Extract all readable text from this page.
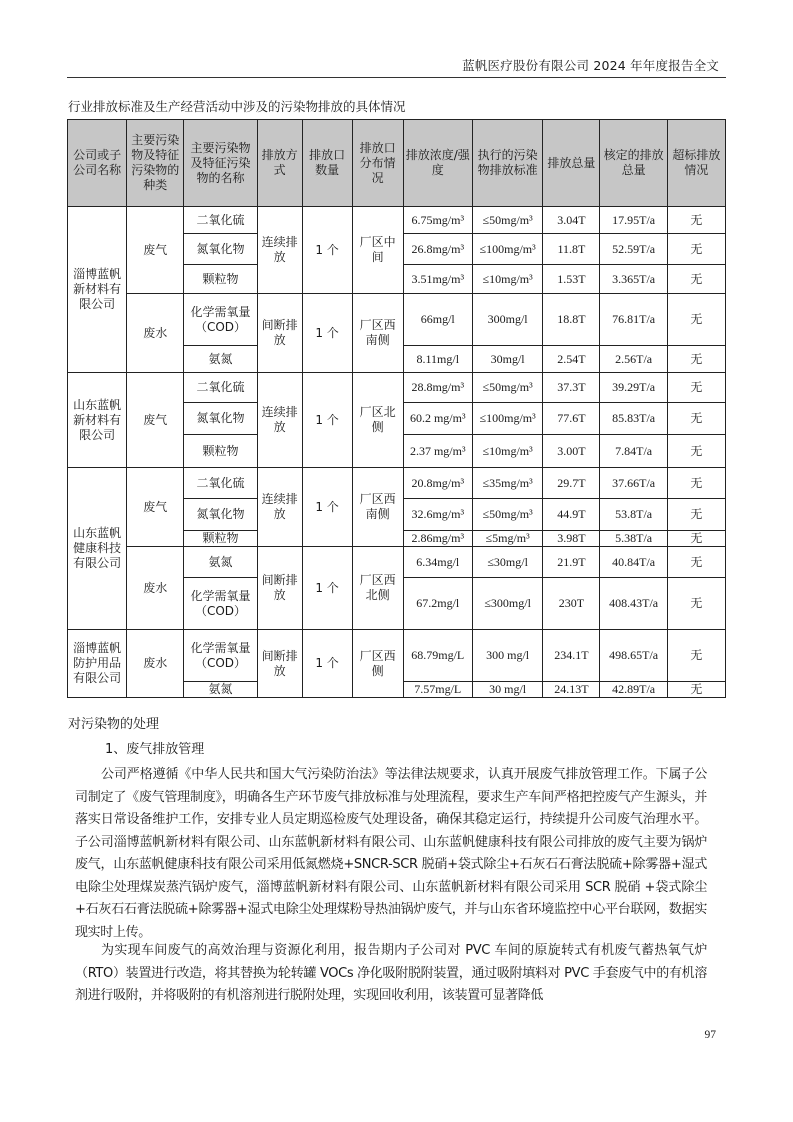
蓝帆医疗股份有限公司 2024 年年度报告全文
行业排放标准及生产经营活动中涉及的污染物排放的具体情况
公司或子公司名称	主要污染物及特征污染物的种类	主要污染物及特征污染物的名称	排放方式	排放口数量	排放口分布情况	排放浓度/强度	执行的污染物排放标准	排放总量	核定的排放总量	超标排放情况
淄博蓝帆新材料有限公司	废气	二氧化硫	连续排放	1 个	厂区中间	6.75mg/m³	≤50mg/m³	3.04T	17.95T/a	无
		氮氧化物				26.8mg/m³	≤100mg/m³	11.8T	52.59T/a	无
		颗粒物				3.51mg/m³	≤10mg/m³	1.53T	3.365T/a	无
	废水	化学需氧量（COD）	间断排放	1 个	厂区西南侧	66mg/l	300mg/l	18.8T	76.81T/a	无
		氨氮				8.11mg/l	30mg/l	2.54T	2.56T/a	无
山东蓝帆新材料有限公司	废气	二氧化硫	连续排放	1 个	厂区北侧	28.8mg/m³	≤50mg/m³	37.3T	39.29T/a	无
		氮氧化物				60.2 mg/m³	≤100mg/m³	77.6T	85.83T/a	无
		颗粒物				2.37 mg/m³	≤10mg/m³	3.00T	7.84T/a	无
山东蓝帆健康科技有限公司	废气	二氧化硫	连续排放	1 个	厂区西南侧	20.8mg/m³	≤35mg/m³	29.7T	37.66T/a	无
		氮氧化物				32.6mg/m³	≤50mg/m³	44.9T	53.8T/a	无
		颗粒物				2.86mg/m³	≤5mg/m³	3.98T	5.38T/a	无
	废水	氨氮	间断排放	1 个	厂区西北侧	6.34mg/l	≤30mg/l	21.9T	40.84T/a	无
		化学需氧量（COD）				67.2mg/l	≤300mg/l	230T	408.43T/a	无
淄博蓝帆防护用品有限公司	废水	化学需氧量（COD）	间断排放	1 个	厂区西侧	68.79mg/L	300 mg/l	234.1T	498.65T/a	无
		氨氮				7.57mg/L	30 mg/l	24.13T	42.89T/a	无
对污染物的处理
1、废气排放管理

公司严格遵循《中华人民共和国大气污染防治法》等法律法规要求，认真开展废气排放管理工作。下属子公司制定了《废气管理制度》，明确各生产环节废气排放标准与处理流程，要求生产车间严格把控废气产生源头，并落实日常设备维护工作，安排专业人员定期巡检废气处理设备，确保其稳定运行，持续提升公司废气治理水平。子公司淄博蓝帆新材料有限公司、山东蓝帆新材料有限公司、山东蓝帆健康科技有限公司排放的废气主要为锅炉废气，山东蓝帆健康科技有限公司采用低氮燃烧+SNCR-SCR 脱硝+袋式除尘+石灰石石膏法脱硫+除雾器+湿式电除尘处理煤炭蒸汽锅炉废气，淄博蓝帆新材料有限公司、山东蓝帆新材料有限公司采用 SCR 脱硝 +袋式除尘+石灰石石膏法脱硫+除雾器+湿式电除尘处理煤粉导热油锅炉废气，并与山东省环境监控中心平台联网，数据实现实时上传。

为实现车间废气的高效治理与资源化利用，报告期内子公司对 PVC 车间的原旋转式有机废气蓄热氧气炉（RTO）装置进行改造，将其替换为轮转罐 VOCs 净化吸附脱附装置，通过吸附填料对 PVC 手套废气中的有机溶剂进行吸附，并将吸附的有机溶剂进行脱附处理，实现回收利用，该装置可显著降低

97
